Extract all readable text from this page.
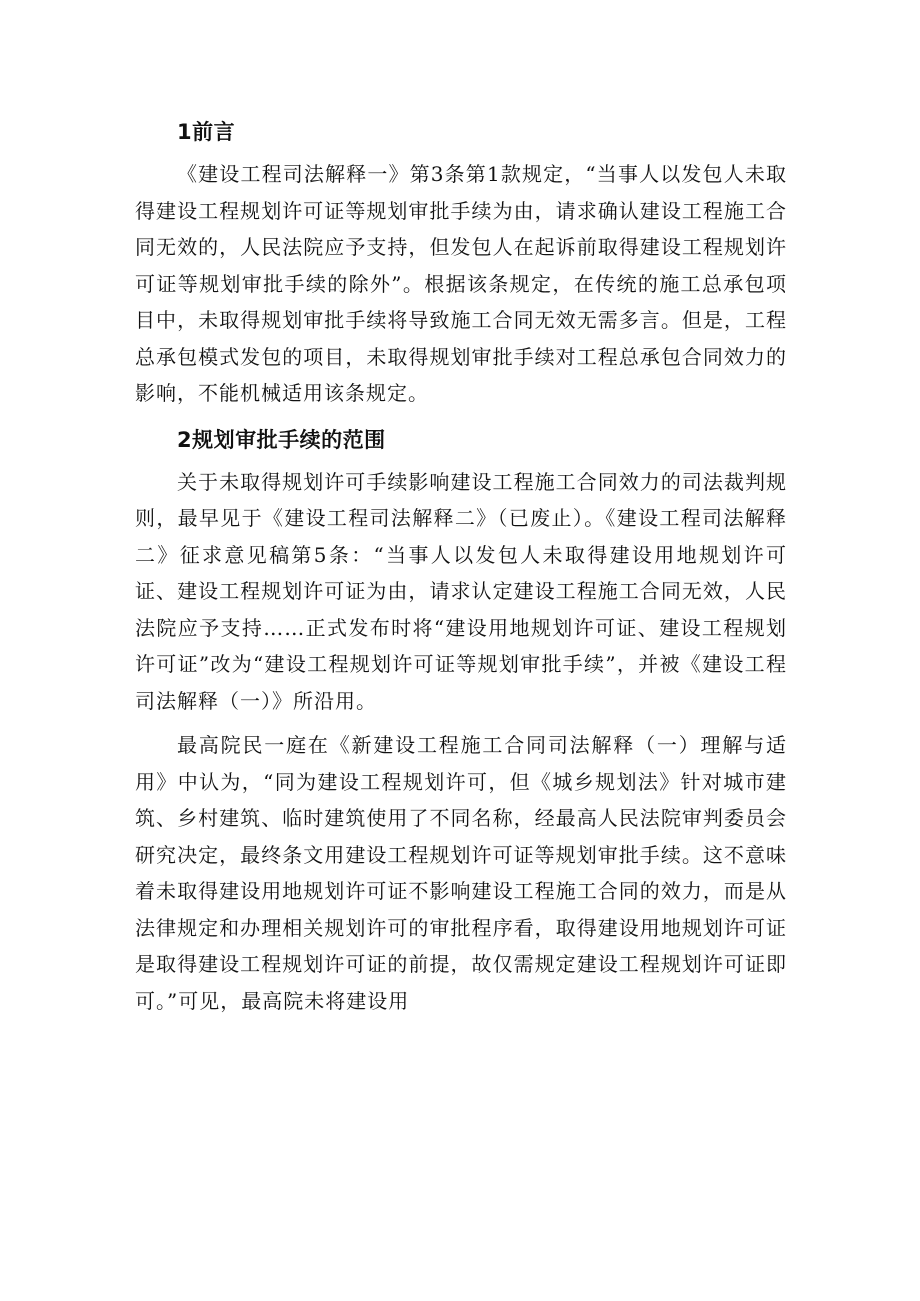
1前言

《建设工程司法解释一》第3条第1款规定，“当事人以发包人未取得建设工程规划许可证等规划审批手续为由，请求确认建设工程施工合同无效的，人民法院应予支持，但发包人在起诉前取得建设工程规划许可证等规划审批手续的除外”。根据该条规定，在传统的施工总承包项目中，未取得规划审批手续将导致施工合同无效无需多言。但是，工程总承包模式发包的项目，未取得规划审批手续对工程总承包合同效力的影响，不能机械适用该条规定。

2规划审批手续的范围

关于未取得规划许可手续影响建设工程施工合同效力的司法裁判规则，最早见于《建设工程司法解释二》（已废止）。《建设工程司法解释二》征求意见稿第5条：“当事人以发包人未取得建设用地规划许可证、建设工程规划许可证为由，请求认定建设工程施工合同无效，人民法院应予支持……正式发布时将“建设用地规划许可证、建设工程规划许可证”改为“建设工程规划许可证等规划审批手续”，并被《建设工程司法解释（一）》所沿用。

最高院民一庭在《新建设工程施工合同司法解释（一）理解与适用》中认为，“同为建设工程规划许可，但《城乡规划法》针对城市建筑、乡村建筑、临时建筑使用了不同名称，经最高人民法院审判委员会研究决定，最终条文用建设工程规划许可证等规划审批手续。这不意味着未取得建设用地规划许可证不影响建设工程施工合同的效力，而是从法律规定和办理相关规划许可的审批程序看，取得建设用地规划许可证是取得建设工程规划许可证的前提，故仅需规定建设工程规划许可证即可。”可见，最高院未将建设用
